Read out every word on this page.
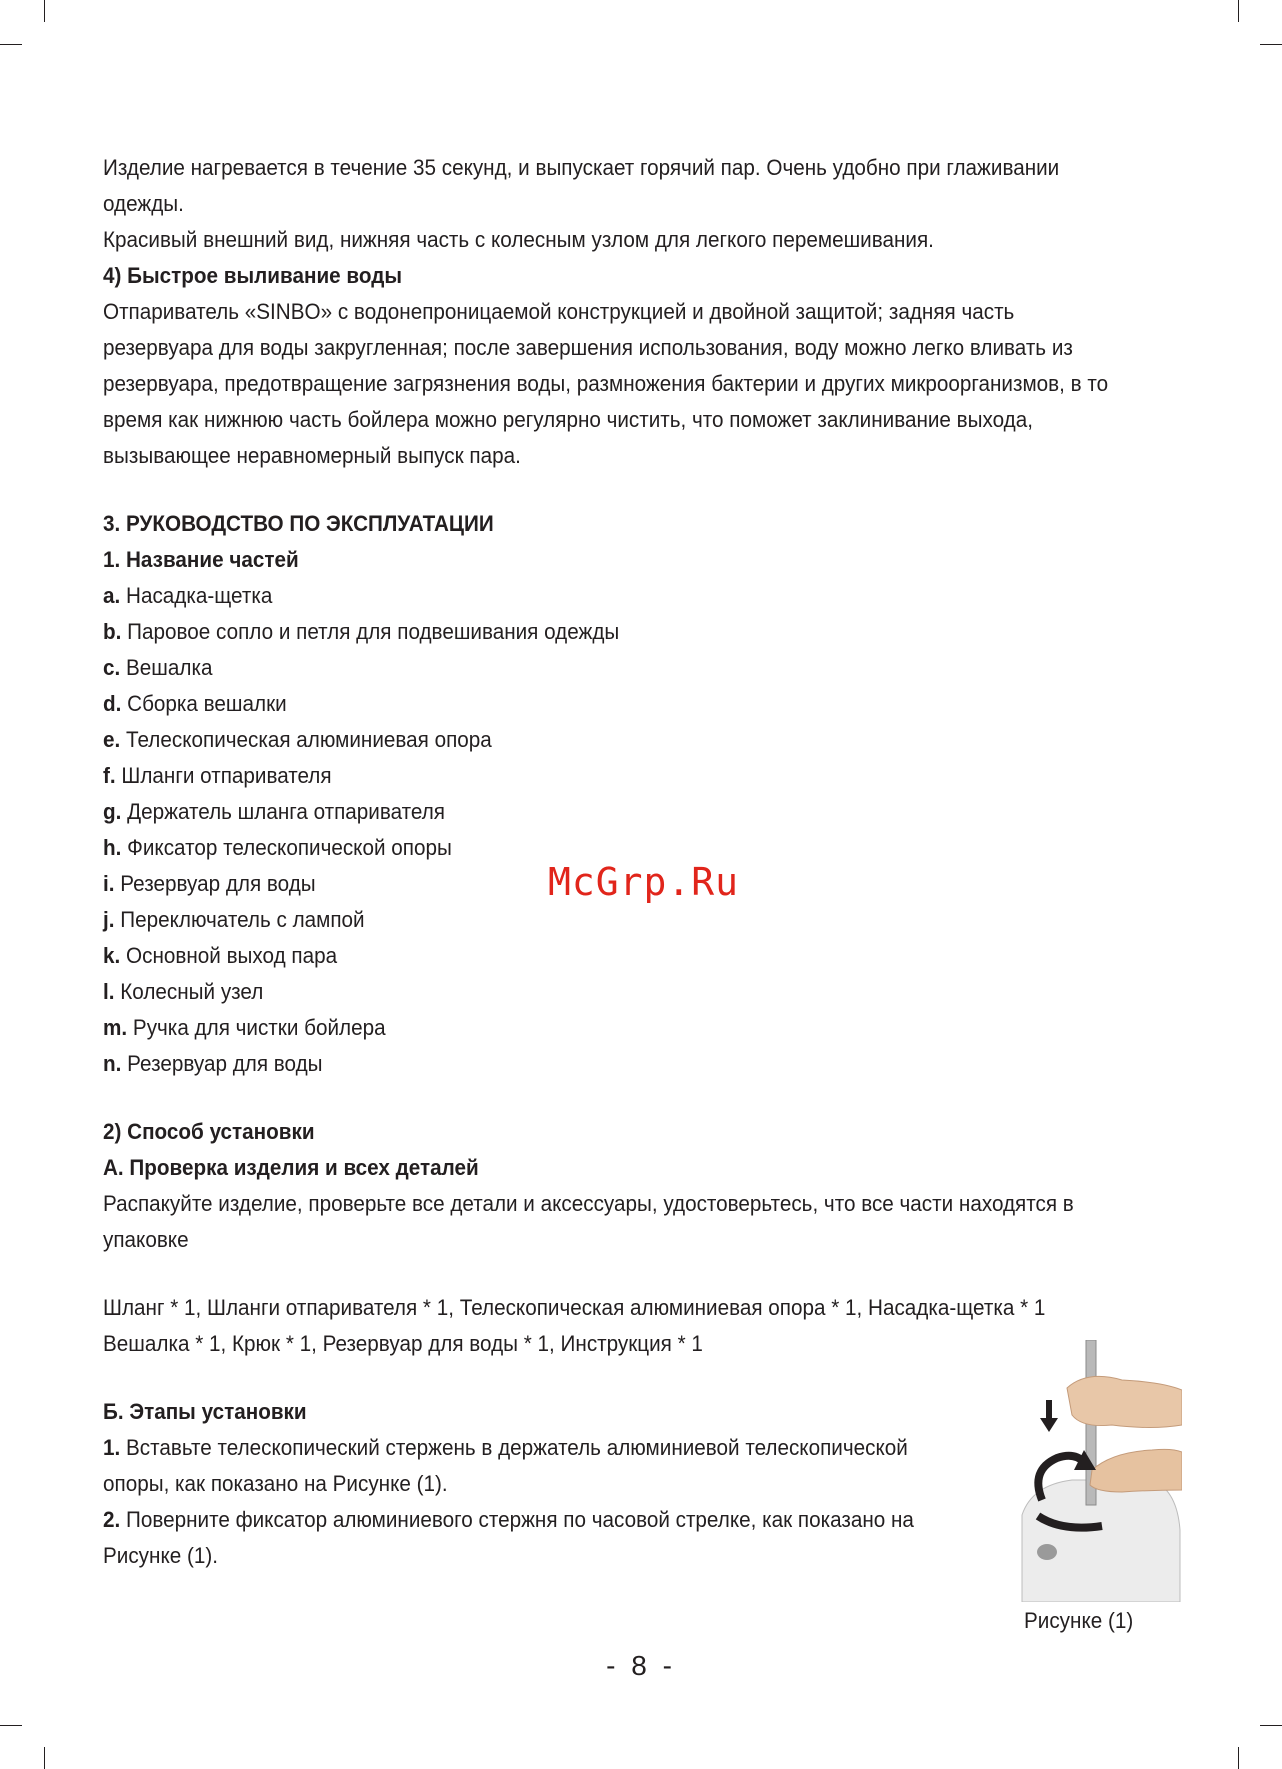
Изделие нагревается в течение 35 секунд, и выпускает горячий пар. Очень удобно при глаживании одежды.

Красивый внешний вид, нижняя часть с колесным узлом для легкого перемешивания.

4) Быстрое выливание воды

Отпариватель «SINBO» с водонепроницаемой конструкцией и двойной защитой; задняя часть резервуара для воды закругленная; после завершения использования, воду можно легко вливать из резервуара, предотвращение загрязнения воды, размножения бактерии и других микроорганизмов, в то время как нижнюю часть бойлера можно регулярно чистить, что поможет заклинивание выхода, вызывающее неравномерный выпуск пара.

3. РУКОВОДСТВО ПО ЭКСПЛУАТАЦИИ

1. Название частей

a. Насадка-щетка

b. Паровое сопло и петля для подвешивания одежды

c. Вешалка

d. Сборка вешалки

e. Телескопическая алюминиевая опора

f. Шланги отпаривателя

g. Держатель шланга отпаривателя

h. Фиксатор телескопической опоры

i. Резервуар для воды

j. Переключатель с лампой

k. Основной выход пара

l. Колесный узел

m. Ручка для чистки бойлера

n. Резервуар для воды

2) Способ установки

А. Проверка изделия и всех деталей

Распакуйте изделие, проверьте все детали и аксессуары, удостоверьтесь, что все части находятся в упаковке

Шланг * 1, Шланги отпаривателя * 1, Телескопическая алюминиевая опора * 1, Насадка-щетка * 1

Вешалка * 1, Крюк * 1, Резервуар для воды * 1, Инструкция * 1

Б. Этапы установки

1. Вставьте телескопический стержень в держатель алюминиевой телескопической опоры, как показано на Рисунке (1).

2. Поверните фиксатор алюминиевого стержня по часовой стрелке, как показано на Рисунке (1).

McGrp.Ru
Рисунке (1)
- 8 -
